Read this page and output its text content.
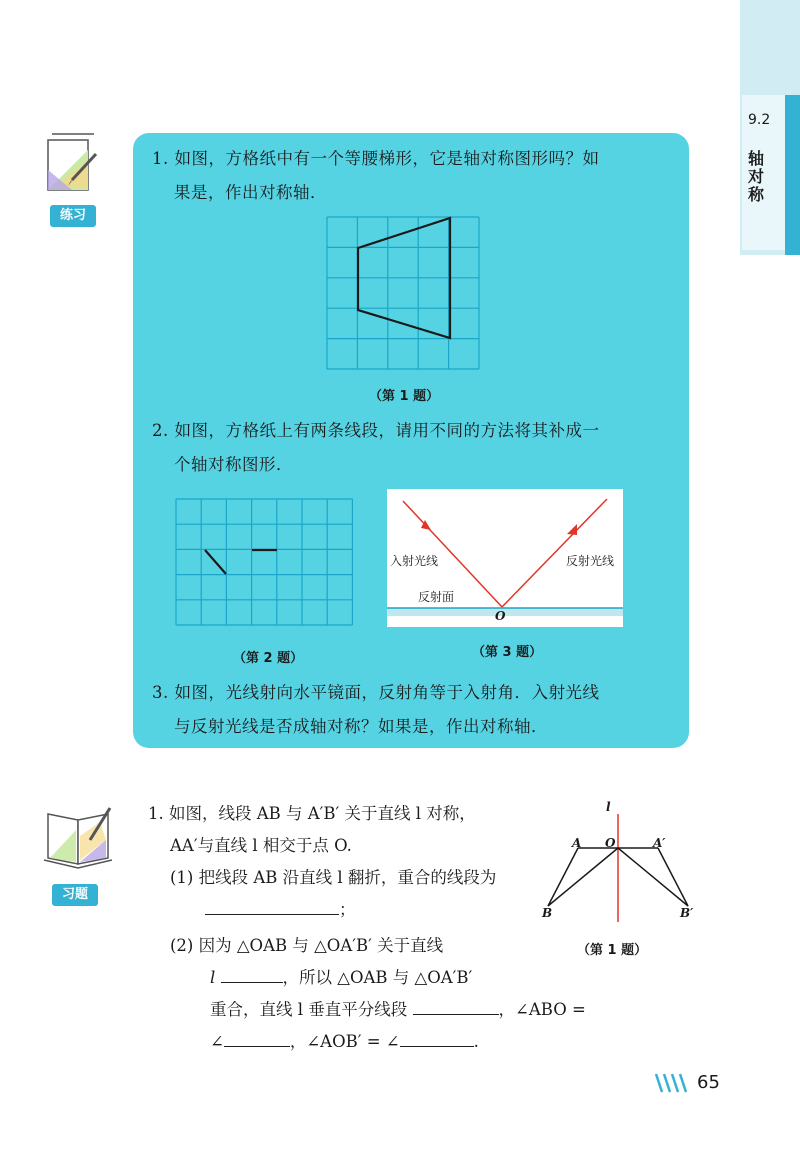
9.2
轴对称
练习
1. 如图，方格纸中有一个等腰梯形，它是轴对称图形吗？如
果是，作出对称轴．
（第 1 题）
2. 如图，方格纸上有两条线段，请用不同的方法将其补成一
个轴对称图形．
（第 2 题）
入射光线	反射光线
反射面
O
（第 3 题）
3. 如图，光线射向水平镜面，反射角等于入射角．入射光线
与反射光线是否成轴对称？如果是，作出对称轴．
习题
1. 如图，线段 AB 与 A′B′ 关于直线 l 对称，
AA′与直线 l 相交于点 O.
(1) 把线段 AB 沿直线 l 翻折，重合的线段为
；
(2) 因为 △OAB 与 △OA′B′ 关于直线
l	，所以 △OAB 与 △OA′B′
重合，直线 l 垂直平分线段	，∠ABO =
∠	，∠AOB′ = ∠	.
l
A O	A′
B	B′
（第 1 题）
65
